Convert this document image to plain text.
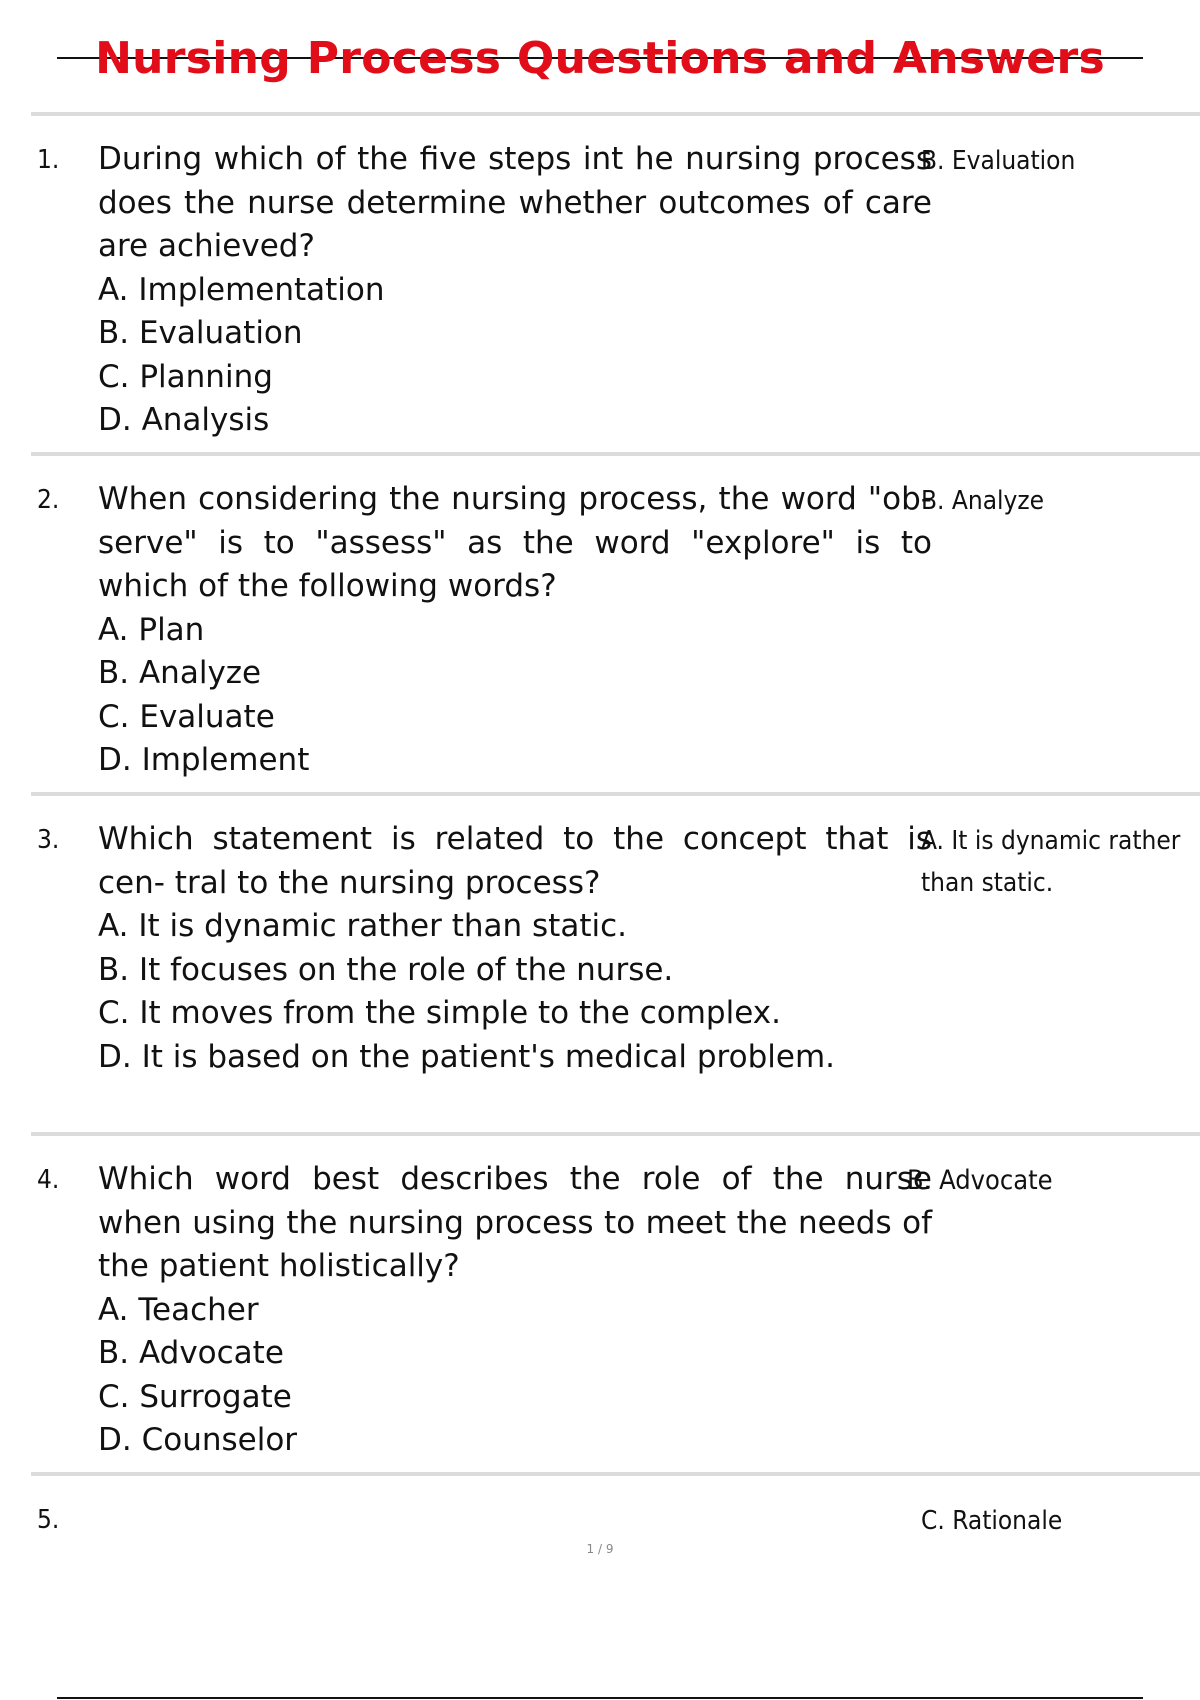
Nursing Process Questions and Answers
1. During which of the five steps int he nursing process does the nurse determine whether outcomes of care are achieved?
A. Implementation
B. Evaluation
C. Planning
D. Analysis
B. Evaluation
2. When considering the nursing process, the word "ob- serve" is to "assess" as the word "explore" is to which of the following words?
A. Plan
B. Analyze
C. Evaluate
D. Implement
B. Analyze
3. Which statement is related to the concept that is cen- tral to the nursing process?
A. It is dynamic rather than static.
B. It focuses on the role of the nurse.
C. It moves from the simple to the complex.
D. It is based on the patient's medical problem.
A. It is dynamic rather than static.
4. Which word best describes the role of the nurse when using the nursing process to meet the needs of the patient holistically?
A. Teacher
B. Advocate
C. Surrogate
D. Counselor
B. Advocate
5.	C. Rationale
1 / 9
